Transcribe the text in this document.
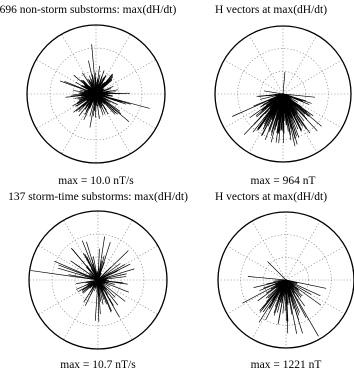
696 non-storm substorms: max(dH/dt)
max = 10.0 nT/s
H vectors at max(dH/dt)
max = 964 nT
137 storm-time substorms: max(dH/dt)
max = 10.7 nT/s
H vectors at max(dH/dt)
max = 1221 nT
